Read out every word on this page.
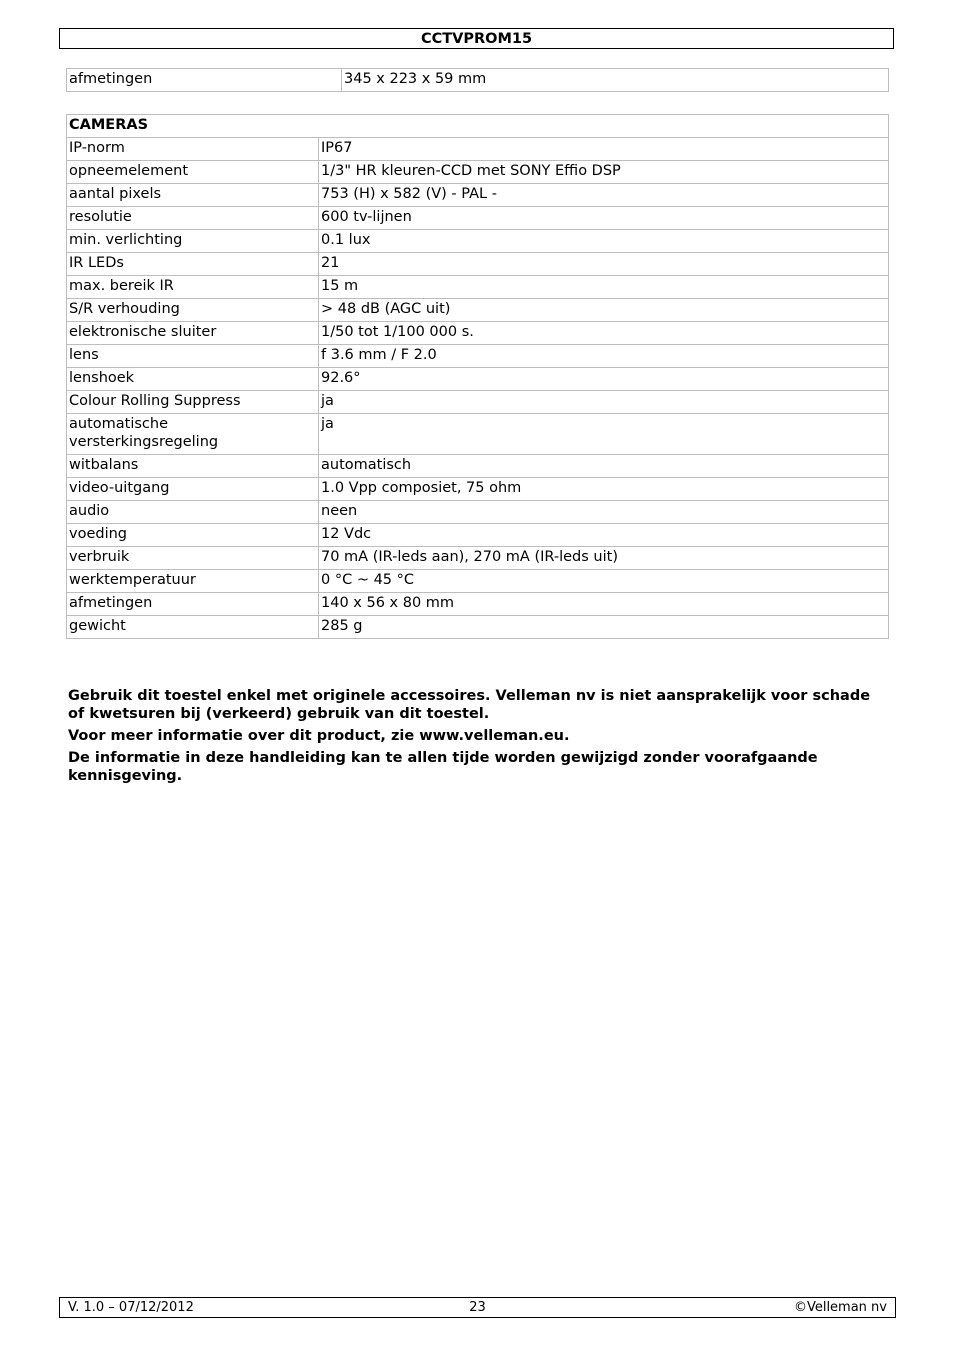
CCTVPROM15
afmetingen	345 x 223 x 59 mm
CAMERAS	
IP-norm	IP67
opneemelement	1/3" HR kleuren-CCD met SONY Effio DSP
aantal pixels	753 (H) x 582 (V) - PAL -
resolutie	600 tv-lijnen
min. verlichting	0.1 lux
IR LEDs	21
max. bereik IR	15 m
S/R verhouding	> 48 dB (AGC uit)
elektronische sluiter	1/50 tot 1/100 000 s.
lens	f 3.6 mm / F 2.0
lenshoek	92.6°
Colour Rolling Suppress	ja
automatische versterkingsregeling	ja
witbalans	automatisch
video-uitgang	1.0 Vpp composiet, 75 ohm
audio	neen
voeding	12 Vdc
verbruik	70 mA (IR-leds aan), 270 mA (IR-leds uit)
werktemperatuur	0 °C ~ 45 °C
afmetingen	140 x 56 x 80 mm
gewicht	285 g

Gebruik dit toestel enkel met originele accessoires. Velleman nv is niet aansprakelijk voor schade of kwetsuren bij (verkeerd) gebruik van dit toestel.

Voor meer informatie over dit product, zie www.velleman.eu.

De informatie in deze handleiding kan te allen tijde worden gewijzigd zonder voorafgaande kennisgeving.

V. 1.0 – 07/12/2012	23	©Velleman nv
